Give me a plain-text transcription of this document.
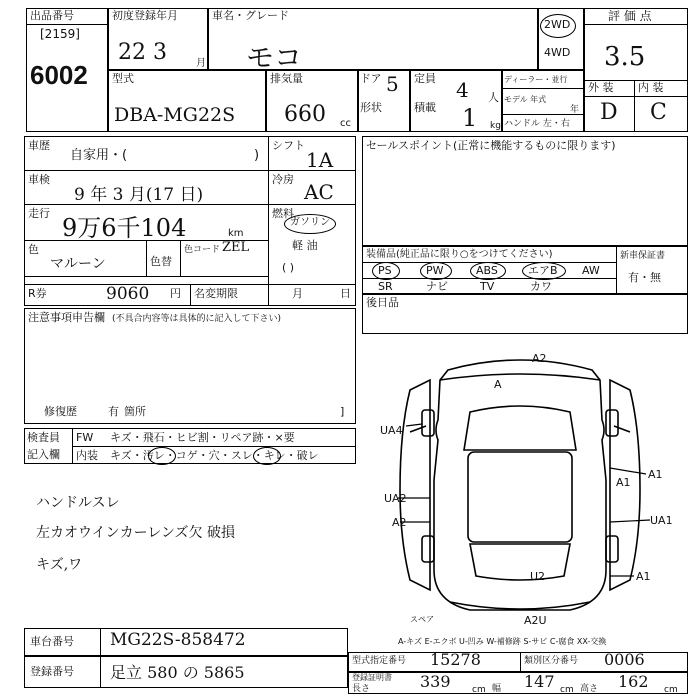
出品番号
[2159]
6002
初度登録年月
22 3	月
車名・グレード
モコ
2WD
4WD
評 価 点
3.5
外 装 内 装
D C
型式
DBA-MG22S
排気量
660 cc
ドア 5
形状
定員 4 人
積載 1 kg
ディーラー・並行
モデル 年式
年
ハンドル 左・右
車歴
自家用・(	)
シフト
1A
車検
9 年 3 月(17 日)
冷房
AC
走行
9万6千104	km
燃料
ガソリン
軽 油
( )
色
マルーン	色替
色コード ZEL
R券	9060 円 名変期限	月	日
注意事項申告欄 (不具合内容等は具体的に記入して下さい)
修復歴	有 箇所	]
検査員
記入欄
FW キズ・飛石・ヒビ割・リペア跡・×要
内装 キズ・汚レ・コゲ・穴・スレ・キレ・破レ
ハンドルスレ
左カオウインカーレンズ欠 破損
キズ,ワ
セールスポイント(正常に機能するものに限ります)
装備品(純正品に限り○をつけてください)	新車保証書
有・無
PS	PW	ABS	エアB AW
SR	ナビ	TV	カワ
後日品
A2
A
UA4
A1
UA2
A2
A1
UA1
A1
U2
A2U
スペア
A-キズ E-エクボ U-凹み W-補修跡 S-サビ C-腐食 XX-交換
車台番号 MG22S-858472
登録番号 足立 580 の 5865
型式指定番号 15278	類別区分番号 0006
登録証明書
長さ	339 cm 幅 147 cm 高さ 162 cm
